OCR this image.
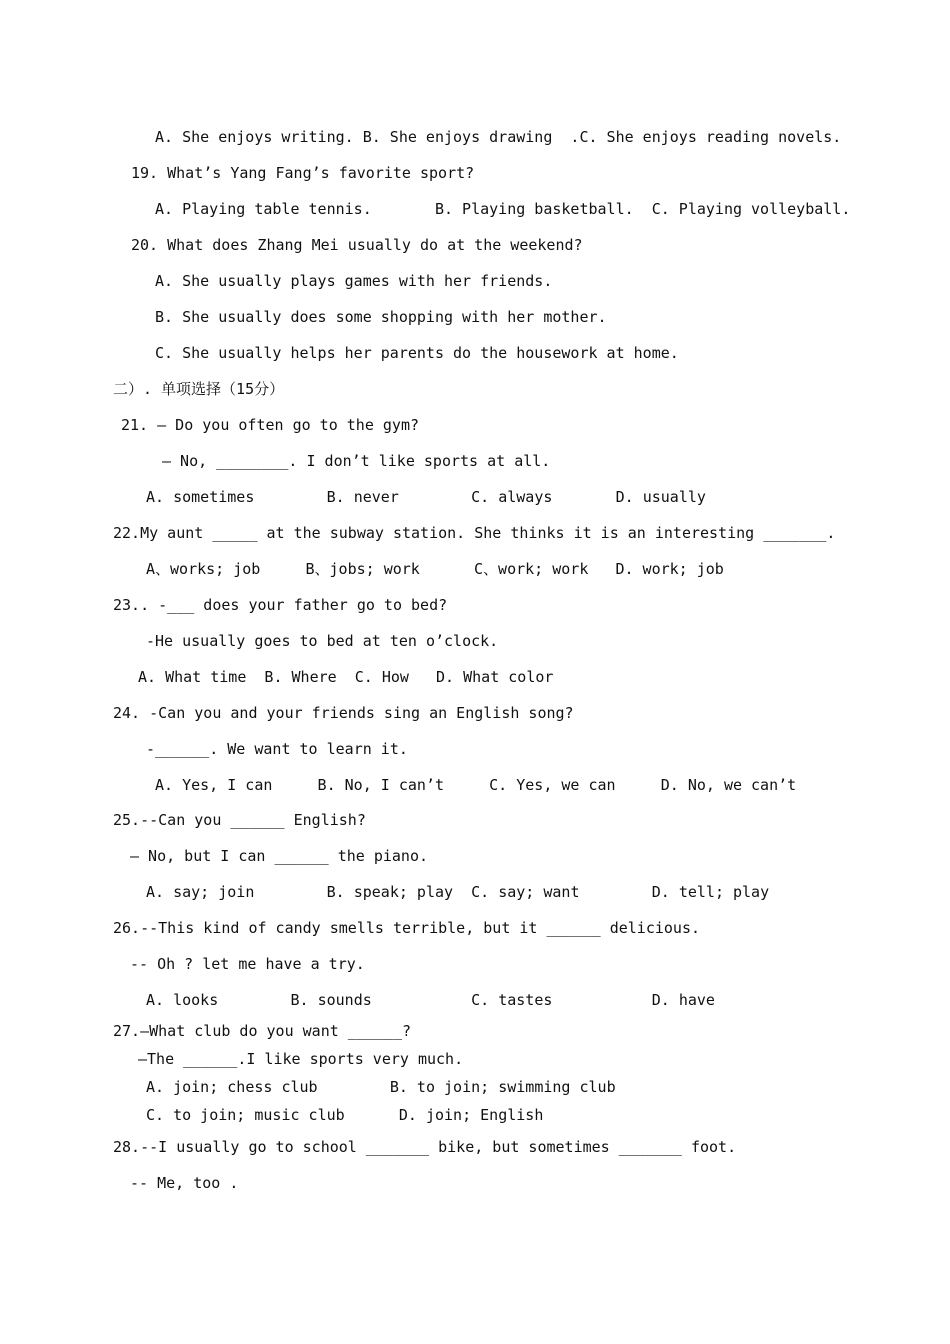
A. She enjoys writing. B. She enjoys drawing  .C. She enjoys reading novels.
19. What’s Yang Fang’s favorite sport?
A. Playing table tennis.       B. Playing basketball.  C. Playing volleyball.
20. What does Zhang Mei usually do at the weekend?
A. She usually plays games with her friends.
B. She usually does some shopping with her mother.
C. She usually helps her parents do the housework at home.
二）. 单项选择（15分）
21. — Do you often go to the gym?
— No, ________. I don’t like sports at all.
A. sometimes        B. never        C. always       D. usually
22.My aunt _____ at the subway station. She thinks it is an interesting _______.
A、works; job     B、jobs; work      C、work; work   D. work; job
23.. -___ does your father go to bed?
-He usually goes to bed at ten o’clock.
A. What time  B. Where  C. How   D. What color
24. -Can you and your friends sing an English song?
-______. We want to learn it.
A. Yes, I can     B. No, I can’t     C. Yes, we can     D. No, we can’t
25.--Can you ______ English?
— No, but I can ______ the piano.
A. say; join        B. speak; play  C. say; want        D. tell; play
26.--This kind of candy smells terrible, but it ______ delicious.
-- Oh ? let me have a try.
A. looks        B. sounds           C. tastes           D. have
27.—What club do you want ______?
—The ______.I like sports very much.
A. join; chess club        B. to join; swimming club
C. to join; music club      D. join; English
28.--I usually go to school _______ bike, but sometimes _______ foot.
-- Me, too .
